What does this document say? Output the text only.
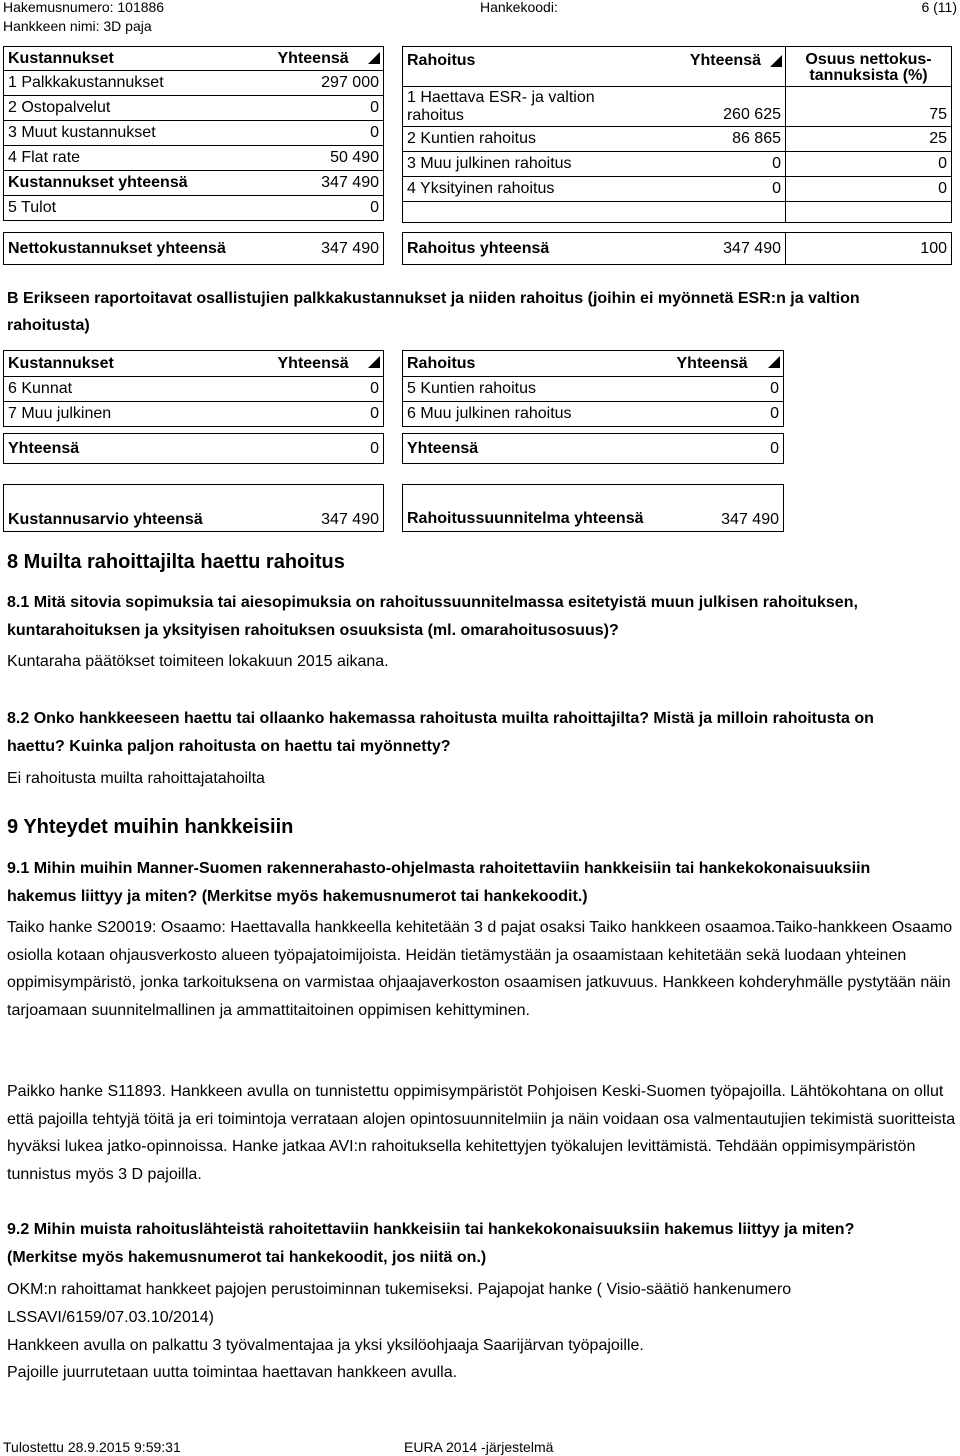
Hakemusnumero: 101886
Hankkeen nimi: 3D paja
Hankekoodi:	6 (11)
Kustannukset	Yhteensä

1 Palkkakustannukset	297 000
2 Ostopalvelut	0
3 Muut kustannukset	0
4 Flat rate	50 490
Kustannukset yhteensä	347 490
5 Tulot	0
Nettokustannukset yhteensä	347 490
Rahoitus	Yhteensä	Osuus nettokus-tannuksista (%)
1 Haettava ESR- ja valtion rahoitus	260 625	75
2 Kuntien rahoitus	86 865	25
3 Muu julkinen rahoitus	0	0
4 Yksityinen rahoitus	0	0

Rahoitus yhteensä	347 490	100
B Erikseen raportoitavat osallistujien palkkakustannukset ja niiden rahoitus (joihin ei myönnetä ESR:n ja valtion rahoitusta)
Kustannukset	Yhteensä

6 Kunnat	0
7 Muu julkinen	0
Yhteensä	0
Rahoitus	Yhteensä

5 Kuntien rahoitus	0
6 Muu julkinen rahoitus	0
Yhteensä	0
Kustannusarvio yhteensä	347 490 Rahoitussuunnitelma yhteensä	347 490
8 Muilta rahoittajilta haettu rahoitus
8.1 Mitä sitovia sopimuksia tai aiesopimuksia on rahoitussuunnitelmassa esitetyistä muun julkisen rahoituksen, kuntarahoituksen ja yksityisen rahoituksen osuuksista (ml. omarahoitusosuus)?
Kuntaraha päätökset toimiteen lokakuun 2015 aikana.
8.2 Onko hankkeeseen haettu tai ollaanko hakemassa rahoitusta muilta rahoittajilta? Mistä ja milloin rahoitusta on haettu? Kuinka paljon rahoitusta on haettu tai myönnetty?
Ei rahoitusta muilta rahoittajatahoilta
9 Yhteydet muihin hankkeisiin
9.1 Mihin muihin Manner-Suomen rakennerahasto-ohjelmasta rahoitettaviin hankkeisiin tai hankekokonaisuuksiin hakemus liittyy ja miten? (Merkitse myös hakemusnumerot tai hankekoodit.)
Taiko hanke S20019: Osaamo: Haettavalla hankkeella kehitetään 3 d pajat osaksi Taiko hankkeen osaamoa.Taiko-hankkeen Osaamo osiolla kotaan ohjausverkosto alueen työpajatoimijoista. Heidän tietämystään ja osaamistaan kehitetään sekä luodaan yhteinen oppimisympäristö, jonka tarkoituksena on varmistaa ohjaajaverkoston osaamisen jatkuvuus. Hankkeen kohderyhmälle pystytään näin tarjoamaan suunnitelmallinen ja ammattitaitoinen oppimisen kehittyminen.
Paikko hanke S11893. Hankkeen avulla on tunnistettu oppimisympäristöt Pohjoisen Keski-Suomen työpajoilla. Lähtökohtana on ollut että pajoilla tehtyjä töitä ja eri toimintoja verrataan alojen opintosuunnitelmiin ja näin voidaan osa valmentautujien tekimistä suoritteista hyväksi lukea jatko-opinnoissa. Hanke jatkaa AVI:n rahoituksella kehitettyjen työkalujen levittämistä. Tehdään oppimisympäristön tunnistus myös 3 D pajoilla.
9.2 Mihin muista rahoituslähteistä rahoitettaviin hankkeisiin tai hankekokonaisuuksiin hakemus liittyy ja miten? (Merkitse myös hakemusnumerot tai hankekoodit, jos niitä on.)
OKM:n rahoittamat hankkeet pajojen perustoiminnan tukemiseksi. Pajapojat hanke ( Visio-säätiö hankenumero LSSAVI/6159/07.03.10/2014)
Hankkeen avulla on palkattu 3 työvalmentajaa ja yksi yksilöohjaaja Saarijärvan työpajoille.
Pajoille juurrutetaan uutta toimintaa haettavan hankkeen avulla.
Tulostettu 28.9.2015 9:59:31	EURA 2014 -järjestelmä
